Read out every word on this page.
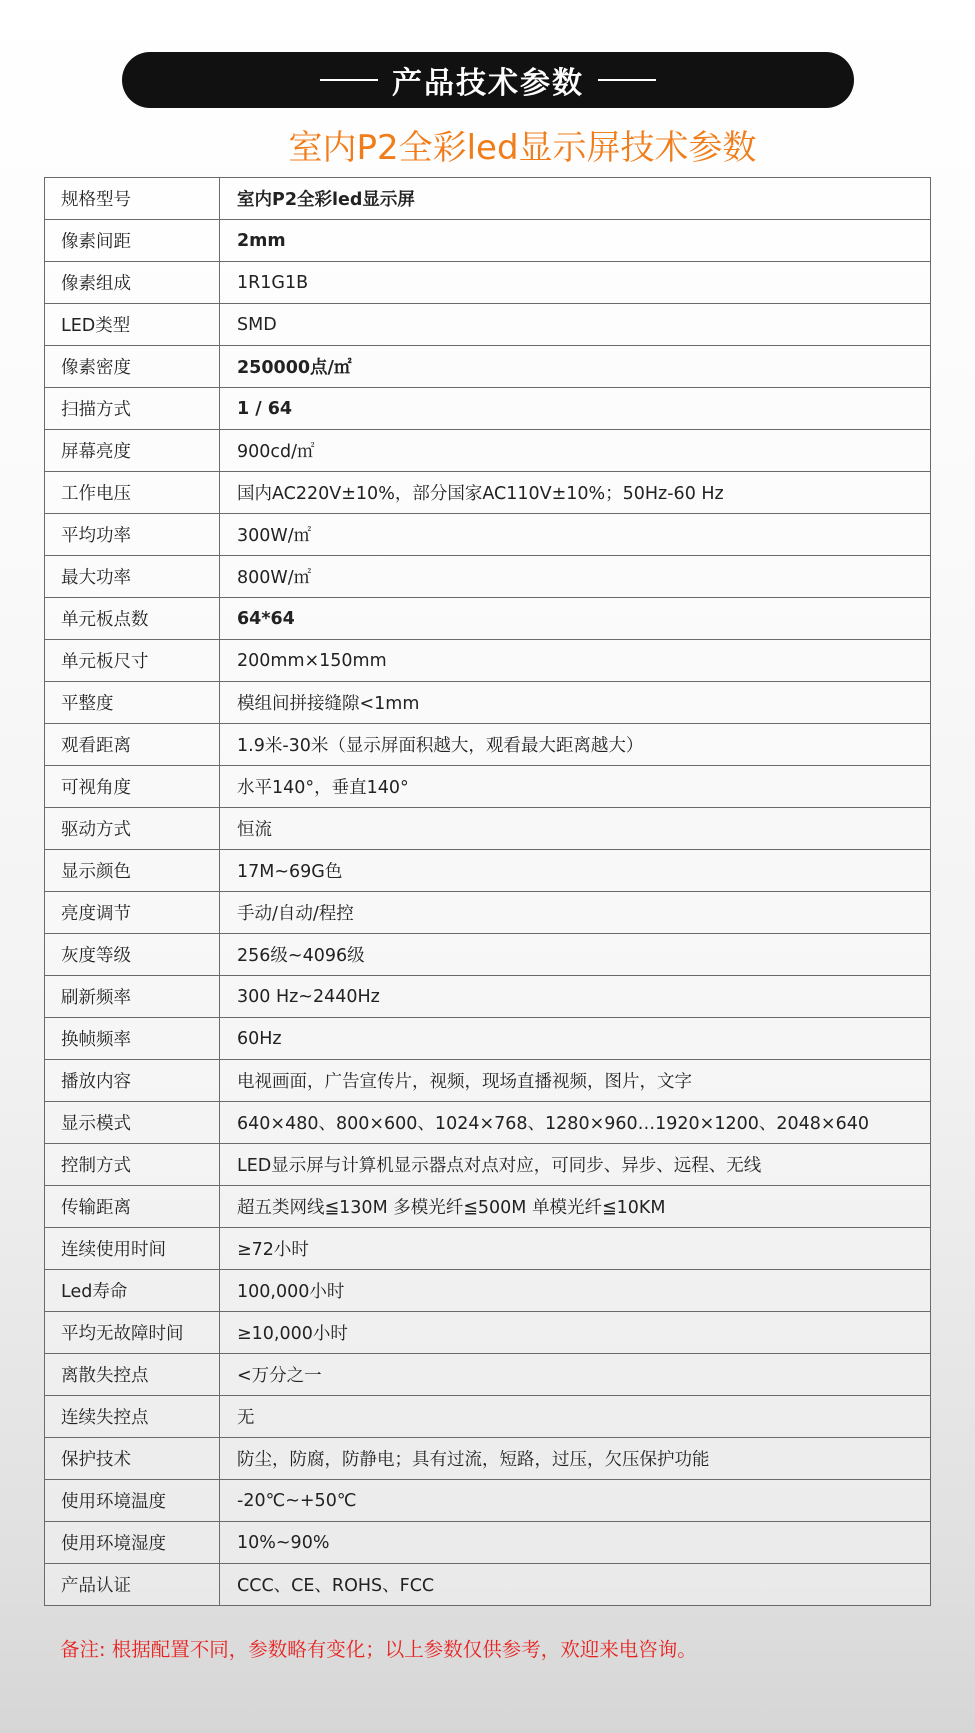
产品技术参数
室内P2全彩led显示屏技术参数
规格型号	室内P2全彩led显示屏
像素间距	2mm
像素组成	1R1G1B
LED类型	SMD
像素密度	250000点/㎡
扫描方式	1 / 64
屏幕亮度	900cd/㎡
工作电压	国内AC220V±10%，部分国家AC110V±10%；50Hz-60 Hz
平均功率	300W/㎡
最大功率	800W/㎡
单元板点数	64*64
单元板尺寸	200mm×150mm
平整度	模组间拼接缝隙<1mm
观看距离	1.9米-30米（显示屏面积越大，观看最大距离越大）
可视角度	水平140°，垂直140°
驱动方式	恒流
显示颜色	17M~69G色
亮度调节	手动/自动/程控
灰度等级	256级~4096级
刷新频率	300 Hz~2440Hz
换帧频率	60Hz
播放内容	电视画面，广告宣传片，视频，现场直播视频，图片，文字
显示模式	640×480、800×600、1024×768、1280×960…1920×1200、2048×640
控制方式	LED显示屏与计算机显示器点对点对应，可同步、异步、远程、无线
传输距离	超五类网线≦130M 多模光纤≦500M 单模光纤≦10KM
连续使用时间	≥72小时
Led寿命	100,000小时
平均无故障时间	≥10,000小时
离散失控点	<万分之一
连续失控点	无
保护技术	防尘，防腐，防静电；具有过流，短路，过压，欠压保护功能
使用环境温度	-20℃~+50℃
使用环境湿度	10%~90%
产品认证	CCC、CE、ROHS、FCC
备注: 根据配置不同，参数略有变化；以上参数仅供参考，欢迎来电咨询。
